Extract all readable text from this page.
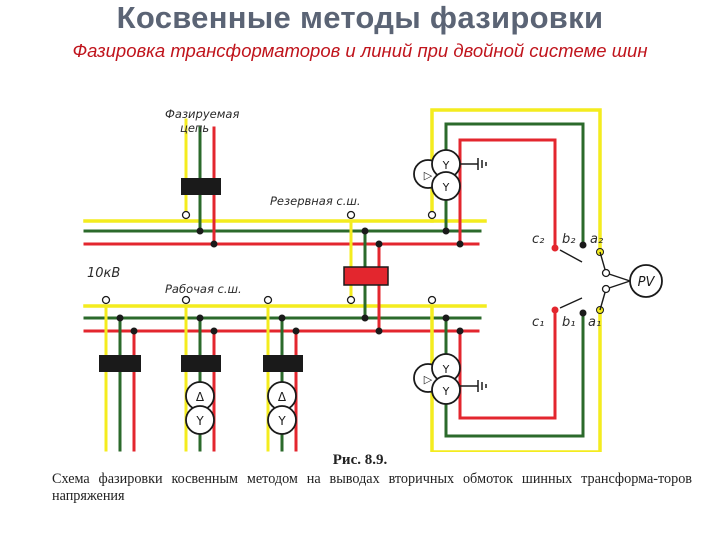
Косвенные методы фазировки
Фазировка трансформаторов и линий при двойной системе шин
Δ
Y
Δ
Y
▷
Y
Y
▷
Y
Y
Фазируемая
цепь
Резервная с.ш.
10кВ
Рабочая с.ш.
c₂ b₂ a₂
c₁ b₁ a₁
PV
Рис. 8.9.
Схема фазировки косвенным методом на выводах вторичных обмоток шинных трансформа-торов напряжения
